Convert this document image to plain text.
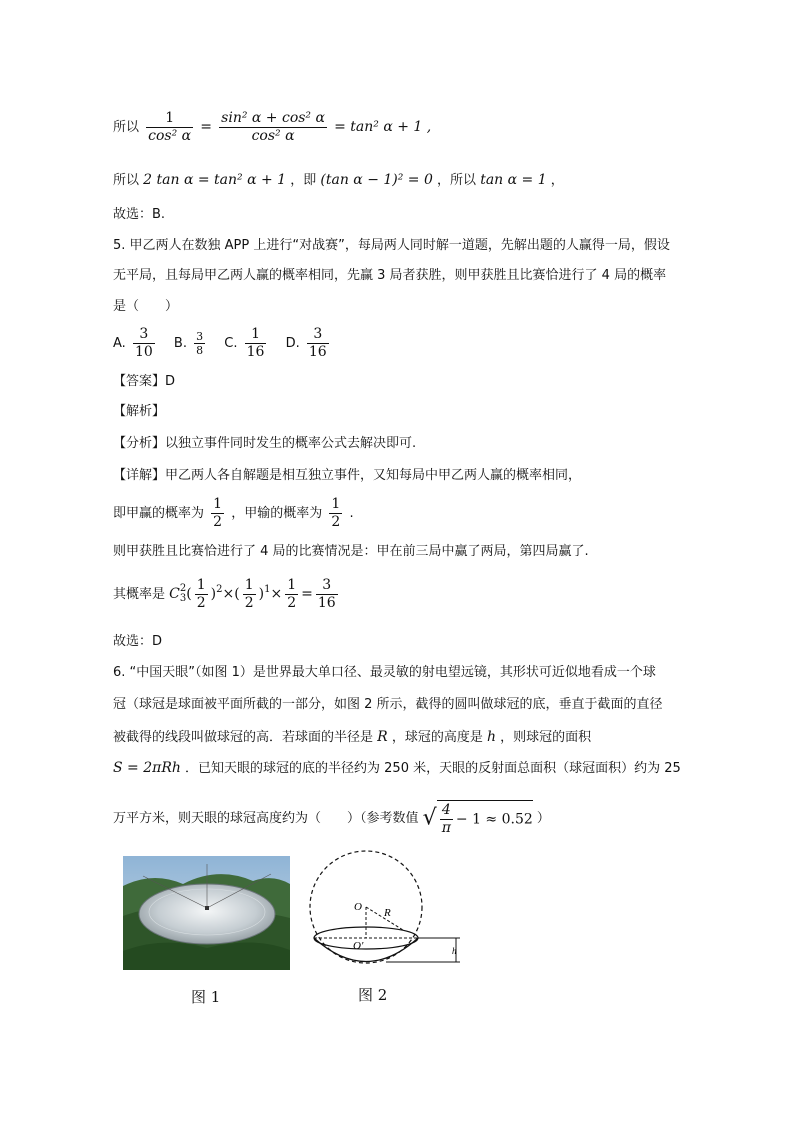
所以 $\frac{1}{\text{cos² α}} = \frac{\text{sin² α + cos² α}}{\text{cos² α}} = \tan^2$ α + 1 ,
所以 2 tan α = tan² α + 1 ，即 (tan α − 1)² = 0 ，所以 tan α = 1 ，
故选：B.
5. 甲乙两人在数独 APP 上进行“对战赛”，每局两人同时解一道题，先解出题的人赢得一局，假设
无平局，且每局甲乙两人赢的概率相同，先赢 3 局者获胜，则甲获胜且比赛恰进行了 4 局的概率
是（　　）
A. $\frac{3}{10} B$. $\frac{3}{8} C$. $\frac{1}{16} D$. $\frac{3}{16}$
【答案】D
【解析】
【分析】以独立事件同时发生的概率公式去解决即可.
【详解】甲乙两人各自解题是相互独立事件，又知每局中甲乙两人赢的概率相同，
即甲赢的概率为 $\frac{1}{2}$ ，甲输的概率为 $\frac{1}{2}$ .
则甲获胜且比赛恰进行了 4 局的比赛情况是：甲在前三局中赢了两局，第四局赢了.
其概率是 C 2
3 ( $\frac{1}{2} )^2\times( \frac{1}{2} )^1\times \frac{1}{2} = \frac{3}{16}$
故选：D
6. “中国天眼”（如图 1）是世界最大单口径、最灵敏的射电望远镜，其形状可近似地看成一个球
冠（球冠是球面被平面所截的一部分，如图 2 所示，截得的圆叫做球冠的底，垂直于截面的直径
被截得的线段叫做球冠的高．若球面的半径是 R ，球冠的高度是 h ，则球冠的面积
S = 2πRh ．已知天眼的球冠的底的半径约为 250 米，天眼的反射面总面积（球冠面积）约为 25
万平方米，则天眼的球冠高度约为（　　）（参考数值 √ $\frac{4}{\pi} - 1 \approx 0.52$ ）
O
O'
R
h
图 1	图 2
